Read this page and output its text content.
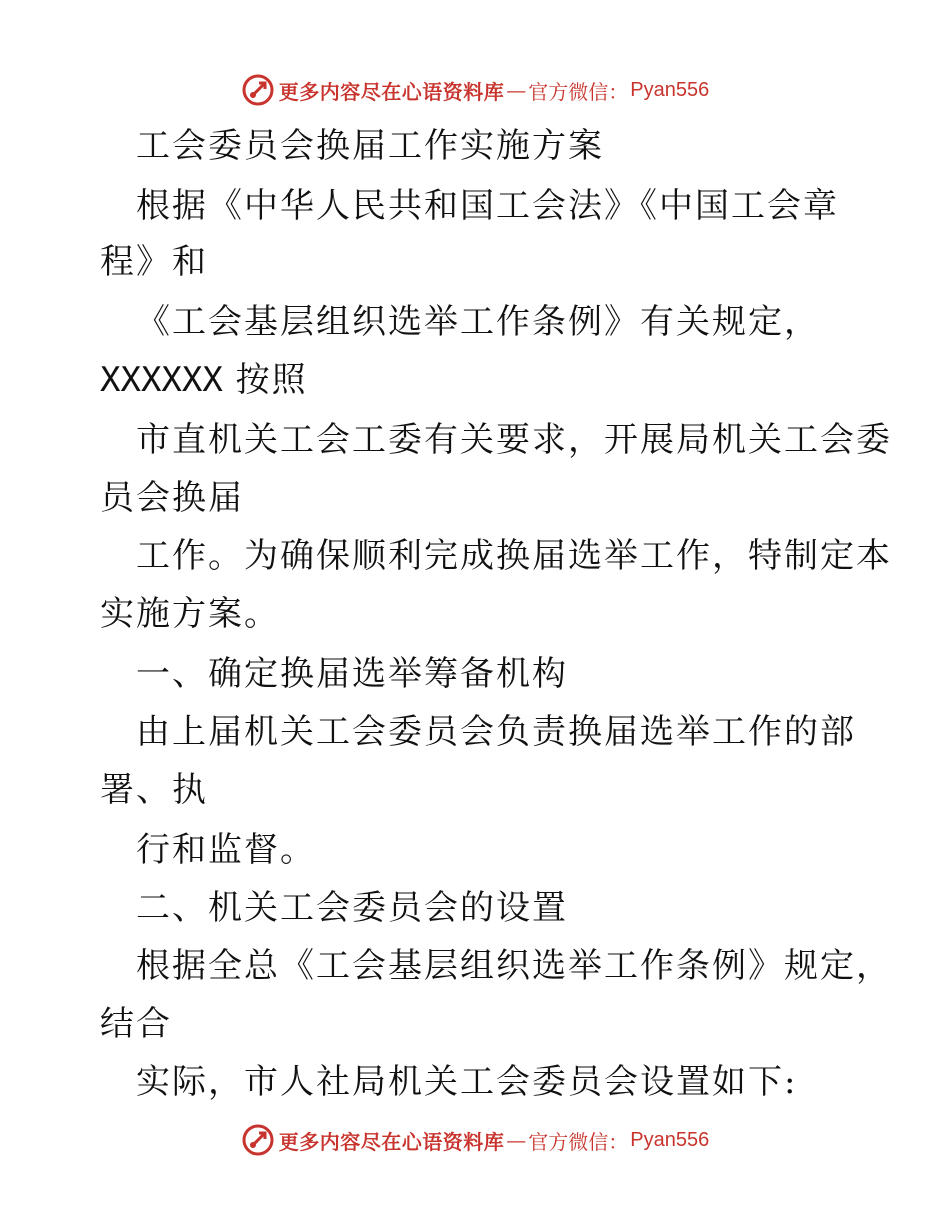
更多内容尽在心语资料库 — 官方微信： Pyan556
工会委员会换届工作实施方案
根据《中华人民共和国工会法》《中国工会章
程》和
《工会基层组织选举工作条例》有关规定，
XXXXXX 按照
市直机关工会工委有关要求，开展局机关工会委
员会换届
工作。为确保顺利完成换届选举工作，特制定本
实施方案。
一、确定换届选举筹备机构
由上届机关工会委员会负责换届选举工作的部
署、执
行和监督。
二、机关工会委员会的设置
根据全总《工会基层组织选举工作条例》规定，
结合
实际，市人社局机关工会委员会设置如下:
更多内容尽在心语资料库 — 官方微信： Pyan556
